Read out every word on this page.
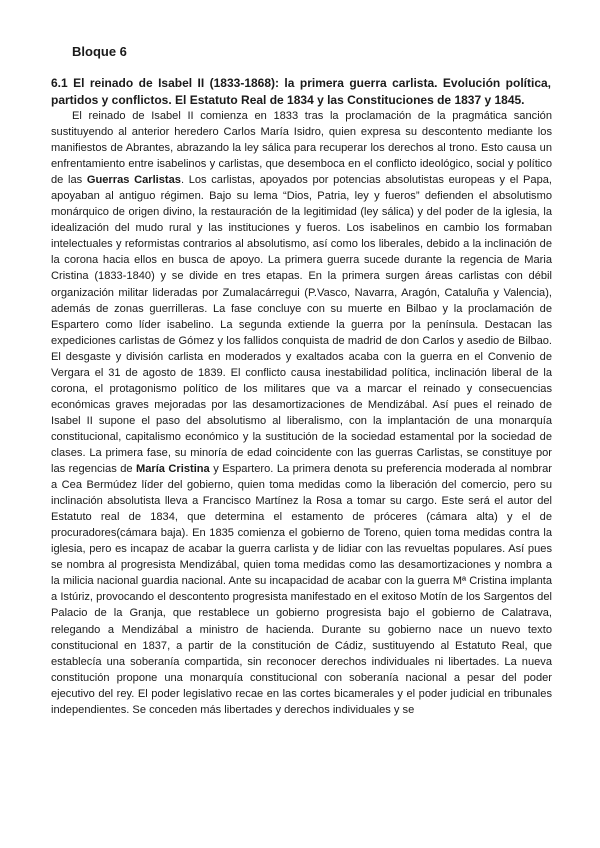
Bloque 6

6.1 El reinado de Isabel II (1833-1868): la primera guerra carlista. Evolución política, partidos y conflictos. El Estatuto Real de 1834 y las Constituciones de 1837 y 1845.

El reinado de Isabel II comienza en 1833 tras la proclamación de la pragmática sanción sustituyendo al anterior heredero Carlos María Isidro, quien expresa su descontento mediante los manifiestos de Abrantes, abrazando la ley sálica para recuperar los derechos al trono. Esto causa un enfrentamiento entre isabelinos y carlistas, que desemboca en el conflicto ideológico, social y político de las Guerras Carlistas. Los carlistas, apoyados por potencias absolutistas europeas y el Papa, apoyaban al antiguo régimen. Bajo su lema “Dios, Patria, ley y fueros” defienden el absolutismo monárquico de origen divino, la restauración de la legitimidad (ley sálica) y del poder de la iglesia, la idealización del mudo rural y las instituciones y fueros. Los isabelinos en cambio los formaban intelectuales y reformistas contrarios al absolutismo, así como los liberales, debido a la inclinación de la corona hacia ellos en busca de apoyo. La primera guerra sucede durante la regencia de Maria Cristina (1833-1840) y se divide en tres etapas. En la primera surgen áreas carlistas con débil organización militar lideradas por Zumalacárregui (P.Vasco, Navarra, Aragón, Cataluña y Valencia), además de zonas guerrilleras. La fase concluye con su muerte en Bilbao y la proclamación de Espartero como líder isabelino. La segunda extiende la guerra por la península. Destacan las expediciones carlistas de Gómez y los fallidos conquista de madrid de don Carlos y asedio de Bilbao. El desgaste y división carlista en moderados y exaltados acaba con la guerra en el Convenio de Vergara el 31 de agosto de 1839. El conflicto causa inestabilidad política, inclinación liberal de la corona, el protagonismo político de los militares que va a marcar el reinado y consecuencias económicas graves mejoradas por las desamortizaciones de Mendizábal. Así pues el reinado de Isabel II supone el paso del absolutismo al liberalismo, con la implantación de una monarquía constitucional, capitalismo económico y la sustitución de la sociedad estamental por la sociedad de clases. La primera fase, su minoría de edad coincidente con las guerras Carlistas, se constituye por las regencias de María Cristina y Espartero. La primera denota su preferencia moderada al nombrar a Cea Bermúdez líder del gobierno, quien toma medidas como la liberación del comercio, pero su inclinación absolutista lleva a Francisco Martínez la Rosa a tomar su cargo. Este será el autor del Estatuto real de 1834, que determina el estamento de próceres (cámara alta) y el de procuradores(cámara baja). En 1835 comienza el gobierno de Toreno, quien toma medidas contra la iglesia, pero es incapaz de acabar la guerra carlista y de lidiar con las revueltas populares. Así pues se nombra al progresista Mendizábal, quien toma medidas como las desamortizaciones y nombra a la milicia nacional guardia nacional. Ante su incapacidad de acabar con la guerra Mª Cristina implanta a Istúriz, provocando el descontento progresista manifestado en el exitoso Motín de los Sargentos del Palacio de la Granja, que restablece un gobierno progresista bajo el gobierno de Calatrava, relegando a Mendizábal a ministro de hacienda. Durante su gobierno nace un nuevo texto constitucional en 1837, a partir de la constitución de Cádiz, sustituyendo al Estatuto Real, que establecía una soberanía compartida, sin reconocer derechos individuales ni libertades. La nueva constitución propone una monarquía constitucional con soberanía nacional a pesar del poder ejecutivo del rey. El poder legislativo recae en las cortes bicamerales y el poder judicial en tribunales independientes. Se conceden más libertades y derechos individuales y se
